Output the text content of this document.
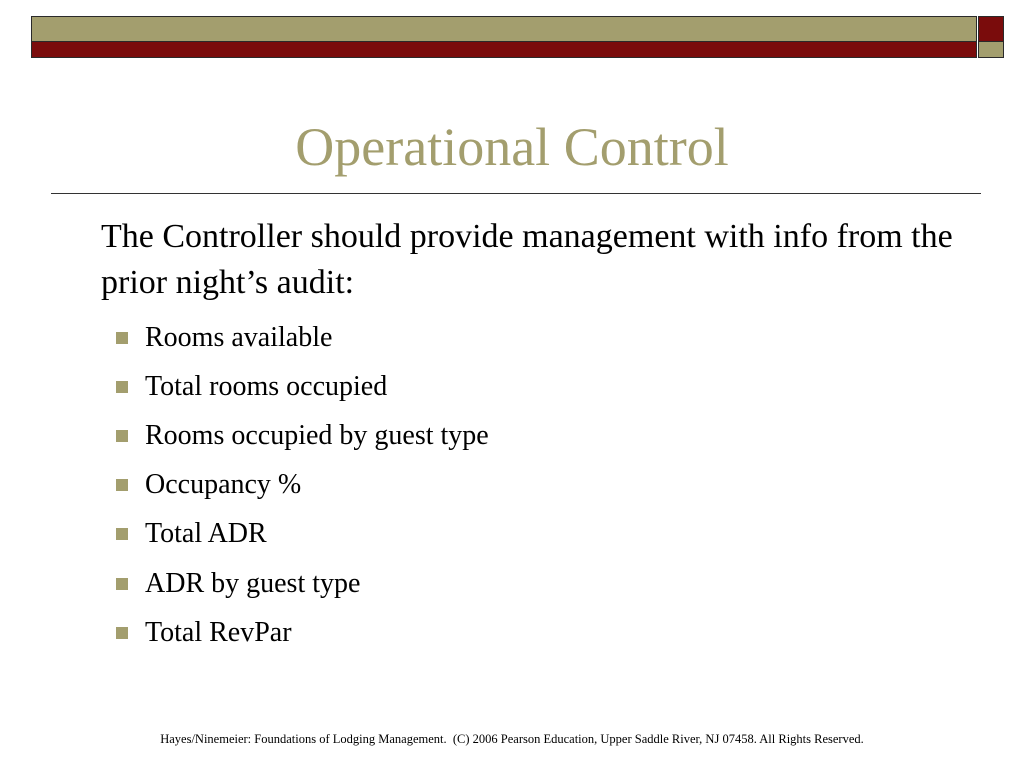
Operational Control
The Controller should provide management with info from the prior night’s audit:
Rooms available
Total rooms occupied
Rooms occupied by guest type
Occupancy %
Total ADR
ADR by guest type
Total RevPar
Hayes/Ninemeier: Foundations of Lodging Management.  (C) 2006 Pearson Education, Upper Saddle River, NJ 07458. All Rights Reserved.
